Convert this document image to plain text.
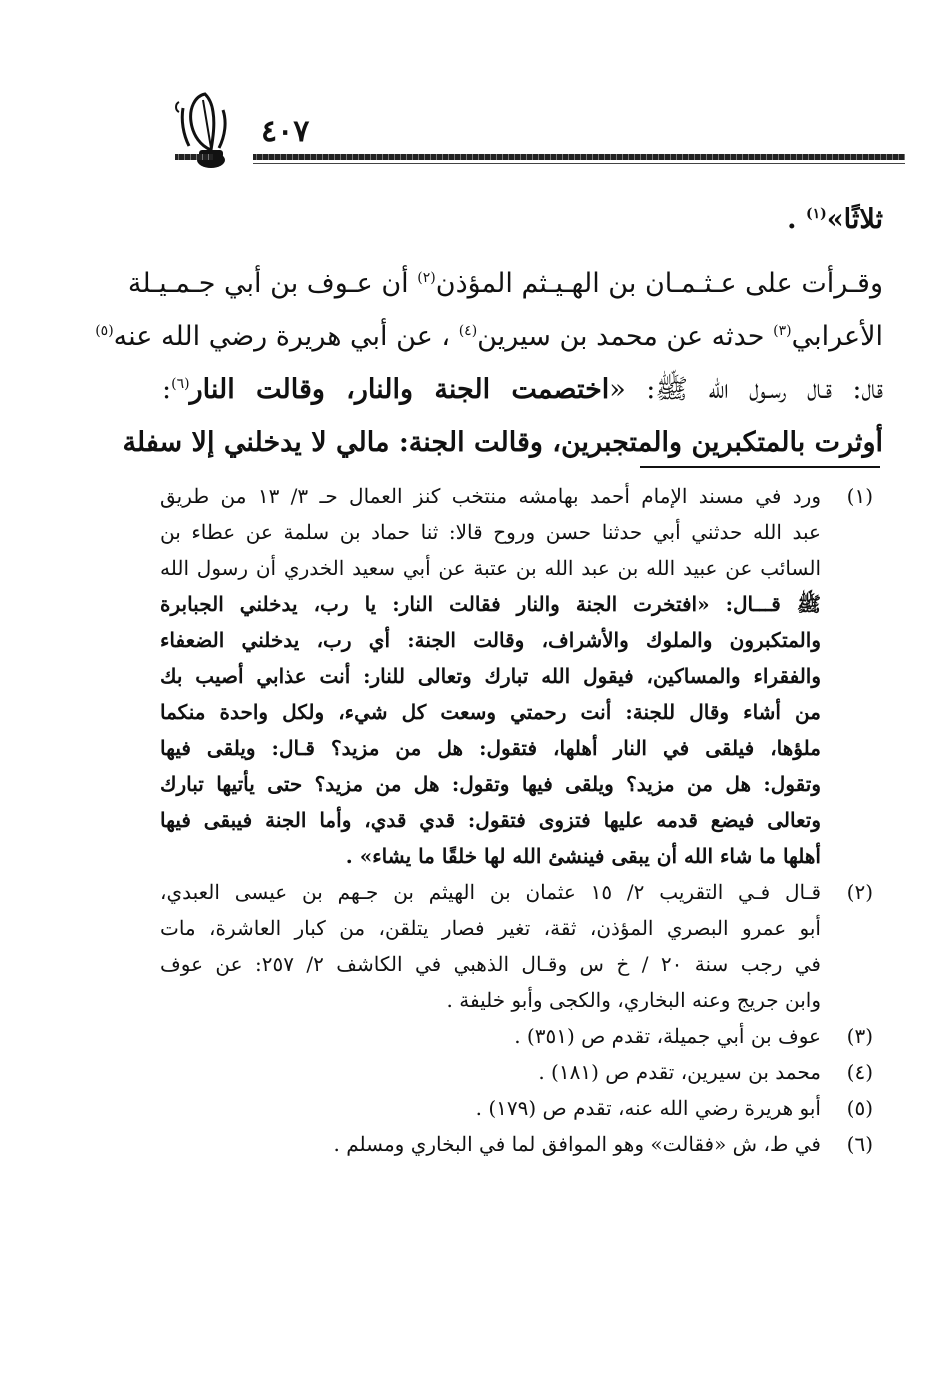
٤٠٧
ثلاثًا»$^{(١)}$ .
وقـرأت على عـثـمـان بن الهـيـثم المؤذن$^{(٢)}$ أن عـوف بن أبي جـمـيـلة
الأعرابي$^{(٣)}$ حدثه عن محمد بن سيرين$^{(٤)}$ ، عن أبي هريرة رضي الله عنه$^{(٥)}$
قال: قـال رسـول الله ﷺ: «اختصمت الجنة والنار، وقالت النار$^{(٦)}$:
أوثرت بالمتكبرين والمتجبرين، وقالت الجنة: مالي لا يدخلني إلا سفلة
(١)
ورد في مسند الإمام أحمد بهامشه منتخب كنز العمال حـ ٣/ ١٣ من طريق
عبد الله حدثني أبي حدثنا حسن وروح قالا: ثنا حماد بن سلمة عن عطاء بن
السائب عن عبيد الله بن عبد الله بن عتبة عن أبي سعيد الخدري أن رسول الله
ﷺ قـــال: «افتخرت الجنة والنار فقالت النار: يا رب، يدخلني الجبابرة
والمتكبرون والملوك والأشراف، وقالت الجنة: أي رب، يدخلني الضعفاء
والفقراء والمساكين، فيقول الله تبارك وتعالى للنار: أنت عذابي أصيب بك
من أشاء وقال للجنة: أنت رحمتي وسعت كل شيء، ولكل واحدة منكما
ملؤها، فيلقى في النار أهلها، فتقول: هل من مزيد؟ قـال: ويلقى فيها
وتقول: هل من مزيد؟ ويلقى فيها وتقول: هل من مزيد؟ حتى يأتيها تبارك
وتعالى فيضع قدمه عليها فتزوى فتقول: قدي قدي، وأما الجنة فيبقى فيها
أهلها ما شاء الله أن يبقى فينشئ الله لها خلقًا ما يشاء» .
(٢)
قـال فـي التقريب ٢/ ١٥ عثمان بن الهيثم بن جـهم بن عيسى العبدي،
أبو عمرو البصري المؤذن، ثقة، تغير فصار يتلقن، من كبار العاشرة، مات
في رجب سنة ٢٠ / خ س وقـال الذهبي في الكاشف ٢/ ٢٥٧: عن عوف
وابن جريج وعنه البخاري، والكجى وأبو خليفة .
(٣)
عوف بن أبي جميلة، تقدم ص (٣٥١) .
(٤)
محمد بن سيرين، تقدم ص (١٨١) .
(٥)
أبو هريرة رضي الله عنه، تقدم ص (١٧٩) .
(٦)
في ط، ش «فقالت» وهو الموافق لما في البخاري ومسلم .
